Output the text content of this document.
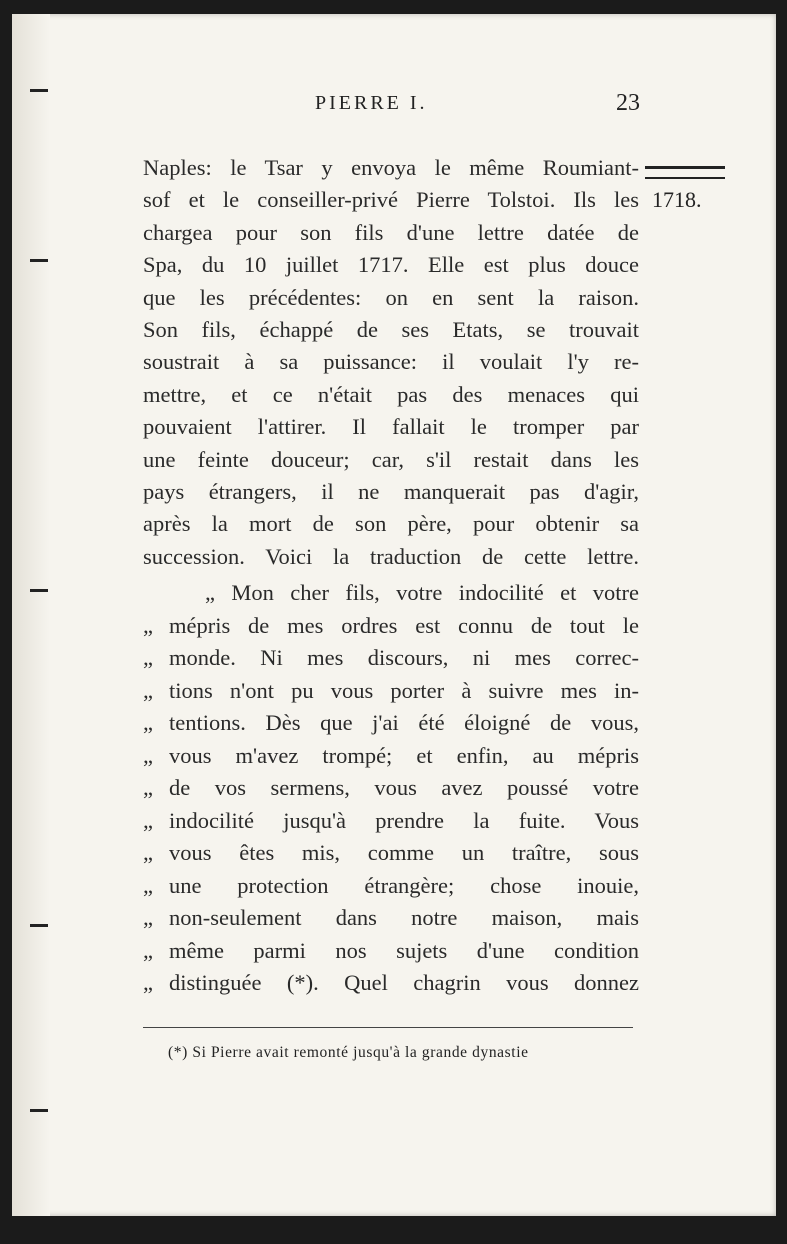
PIERRE I.	23
1718.
Naples: le Tsar y envoya le même Roumiant-
sof et le conseiller-privé Pierre Tolstoi. Ils les
chargea pour son fils d'une lettre datée de
Spa, du 10 juillet 1717. Elle est plus douce
que les précédentes: on en sent la raison.
Son fils, échappé de ses Etats, se trouvait
soustrait à sa puissance: il voulait l'y re-
mettre, et ce n'était pas des menaces qui
pouvaient l'attirer. Il fallait le tromper par
une feinte douceur; car, s'il restait dans les
pays étrangers, il ne manquerait pas d'agir,
après la mort de son père, pour obtenir sa
succession. Voici la traduction de cette lettre.
„ Mon cher fils, votre indocilité et votre
„ mépris de mes ordres est connu de tout le
„ monde. Ni mes discours, ni mes correc-
„ tions n'ont pu vous porter à suivre mes in-
„ tentions. Dès que j'ai été éloigné de vous,
„ vous m'avez trompé; et enfin, au mépris
„ de vos sermens, vous avez poussé votre
„ indocilité jusqu'à prendre la fuite. Vous
„ vous êtes mis, comme un traître, sous
„ une protection étrangère; chose inouie,
„ non-seulement dans notre maison, mais
„ même parmi nos sujets d'une condition
„ distinguée (*). Quel chagrin vous donnez
(*) Si Pierre avait remonté jusqu'à la grande dynastie
